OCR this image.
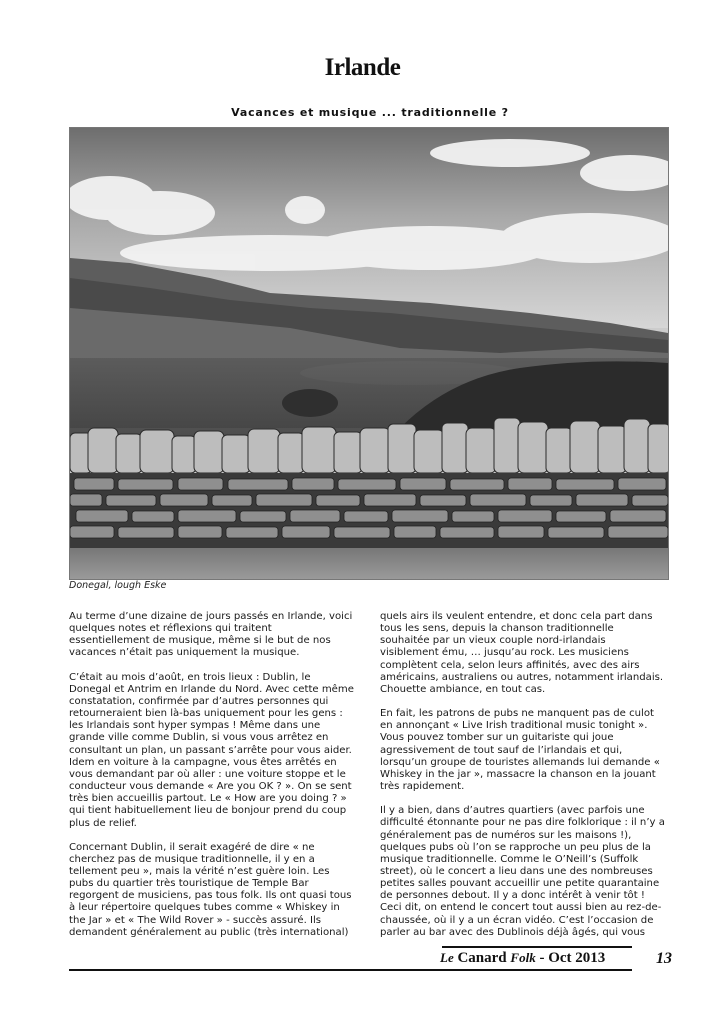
Irlande
Vacances et musique ... traditionnelle ?
Donegal, lough Eske

Au terme d’une dizaine de jours passés en Irlande, voici quelques notes et réflexions qui traitent essentiellement de musique, même si le but de nos vacances n’était pas uniquement la musique.

C’était au mois d’août, en trois lieux : Dublin, le Donegal et Antrim en Irlande du Nord. Avec cette même constatation, confirmée par d’autres personnes qui retourneraient bien là-bas uniquement pour les gens : les Irlandais sont hyper sympas ! Même dans une grande ville comme Dublin, si vous vous arrêtez en consultant un plan, un passant s’arrête pour vous aider. Idem en voiture à la campagne, vous êtes arrêtés en vous demandant par où aller : une voiture stoppe et le conducteur vous demande « Are you OK ? ». On se sent très bien accueillis partout. Le « How are you doing ? » qui tient habituellement lieu de bonjour prend du coup plus de relief.

Concernant Dublin, il serait exagéré de dire « ne cherchez pas de musique traditionnelle, il y en a tellement peu », mais la vérité n’est guère loin. Les pubs du quartier très touristique de Temple Bar regorgent de musiciens, pas tous folk. Ils ont quasi tous à leur répertoire quelques tubes comme « Whiskey in the Jar » et « The Wild Rover » - succès assuré. Ils demandent généralement au public (très international)

quels airs ils veulent entendre, et donc cela part dans tous les sens, depuis la chanson traditionnelle souhaitée par un vieux couple nord-irlandais visiblement ému, … jusqu’au rock. Les musiciens complètent cela, selon leurs affinités, avec des airs américains, australiens ou autres, notamment irlandais. Chouette ambiance, en tout cas.

En fait, les patrons de pubs ne manquent pas de culot en annonçant « Live Irish traditional music tonight ». Vous pouvez tomber sur un guitariste qui joue agressivement de tout sauf de l’irlandais et qui, lorsqu’un groupe de touristes allemands lui demande « Whiskey in the jar », massacre la chanson en la jouant très rapidement.

Il y a bien, dans d’autres quartiers (avec parfois une difficulté étonnante pour ne pas dire folklorique : il n’y a généralement pas de numéros sur les maisons !), quelques pubs où l’on se rapproche un peu plus de la musique traditionnelle. Comme le O’Neill’s (Suffolk street), où le concert a lieu dans une des nombreuses petites salles pouvant accueillir une petite quarantaine de personnes debout. Il y a donc intérêt à venir tôt ! Ceci dit, on entend le concert tout aussi bien au rez-de-chaussée, où il y a un écran vidéo. C’est l’occasion de parler au bar avec des Dublinois déjà âgés, qui vous

Le Canard Folk - Oct 2013	13
